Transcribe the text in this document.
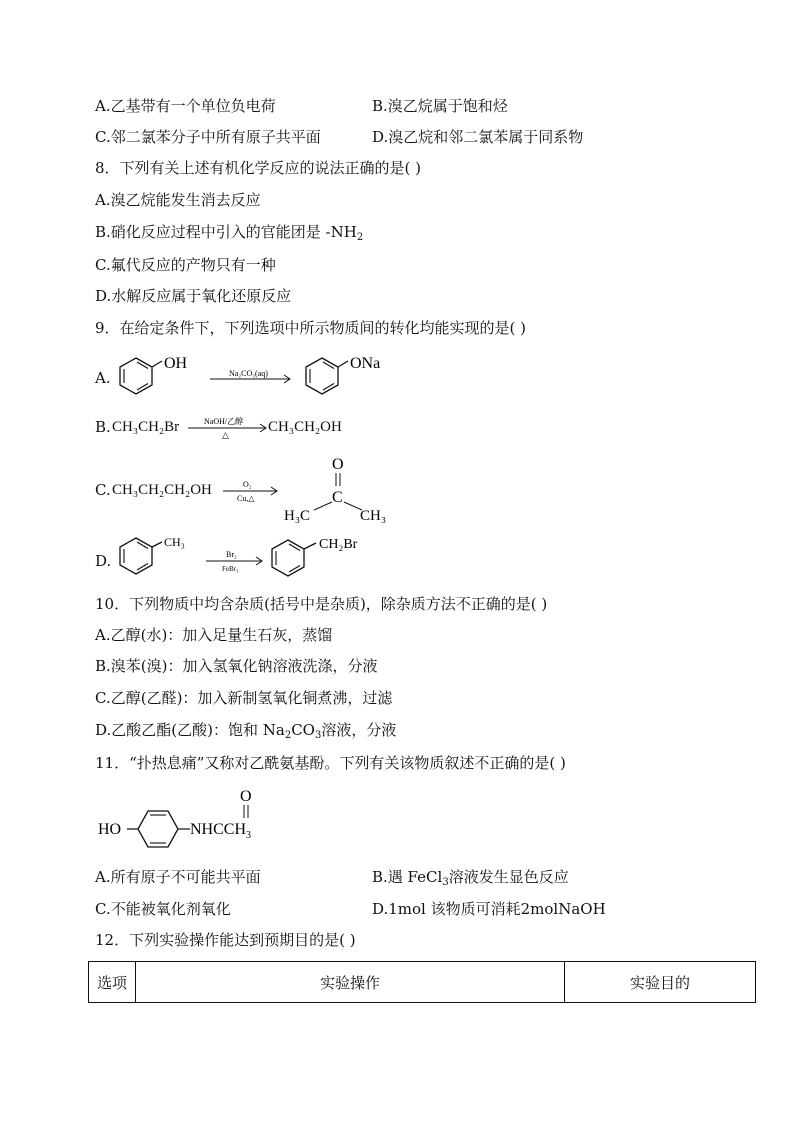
A.乙基带有一个单位负电荷	B.溴乙烷属于饱和烃
C.邻二氯苯分子中所有原子共平面	D.溴乙烷和邻二氯苯属于同系物
8．下列有关上述有机化学反应的说法正确的是( )
A.溴乙烷能发生消去反应
B.硝化反应过程中引入的官能团是 $-NH_2$
C.氟代反应的产物只有一种
D.水解反应属于氧化还原反应
9．在给定条件下，下列选项中所示物质间的转化均能实现的是( )
A.
OH
Na₂CO₃(aq)
ONa
B. CH₃CH₂Br	NaOH/乙醇
△	CH₃CH₂OH
C. CH₃CH₂CH₂OH	O₂
Cu,△
O
C
H₃C	CH₃
D.
CH₃
Br₂
FeBr₃
CH₂Br
10．下列物质中均含杂质(括号中是杂质)，除杂质方法不正确的是( )
A.乙醇(水)：加入足量生石灰，蒸馏
B.溴苯(溴)：加入氢氧化钠溶液洗涤，分液
C.乙醇(乙醛)：加入新制氢氧化铜煮沸，过滤
D.乙酸乙酯(乙酸)：饱和 $Na_2CO_3$溶液，分液
11．“扑热息痛”又称对乙酰氨基酚。下列有关该物质叙述不正确的是( )
HO	$NHCCH_3$
O
A.所有原子不可能共平面	B.遇 FeCl$_3$溶液发生显色反应
C.不能被氧化剂氧化	D.1mol 该物质可消耗2molNaOH
12．下列实验操作能达到预期目的是( )
选项	实验操作	实验目的
